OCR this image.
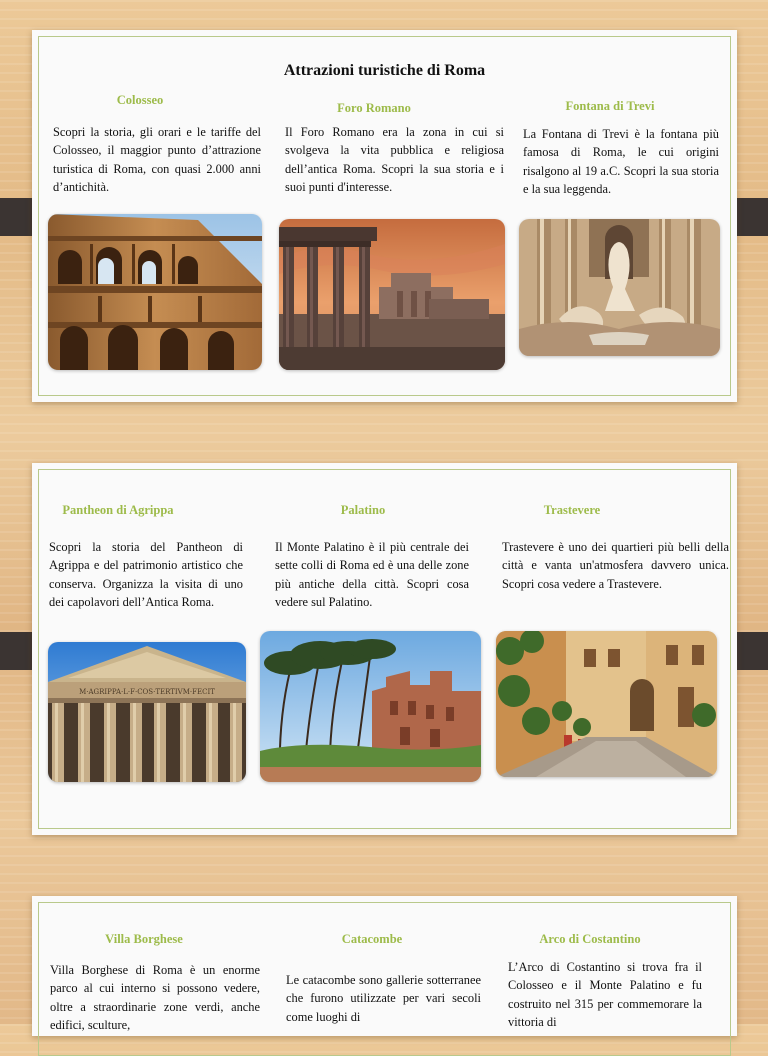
Attrazioni turistiche di Roma
Colosseo
Scopri la storia, gli orari e le tariffe del Colosseo, il maggior punto d’attrazione turistica di Roma, con quasi 2.000 anni d’antichità.
Foro Romano
Il Foro Romano era la zona in cui si svolgeva la vita pubblica e religiosa dell’antica Roma. Scopri la sua storia e i suoi punti d'interesse.
Fontana di Trevi
La Fontana di Trevi è la fontana più famosa di Roma, le cui origini risalgono al 19 a.C. Scopri la sua storia e la sua leggenda.
Pantheon di Agrippa
Scopri la storia del Pantheon di Agrippa e del patrimonio artistico che conserva. Organizza la visita di uno dei capolavori dell’Antica Roma.
M·AGRIPPA·L·F·COS·TERTIVM·FECIT
Palatino
Il Monte Palatino è il più centrale dei sette colli di Roma ed è una delle zone più antiche della città. Scopri cosa vedere sul Palatino.
Trastevere
Trastevere è uno dei quartieri più belli della città e vanta un'atmosfera davvero unica. Scopri cosa vedere a Trastevere.
Villa Borghese
Villa Borghese di Roma è un enorme parco al cui interno si possono vedere, oltre a straordinarie zone verdi, anche edifici, sculture,
Catacombe
Le catacombe sono gallerie sotterranee che furono utilizzate per vari secoli come luoghi di
Arco di Costantino
L’Arco di Costantino si trova fra il Colosseo e il Monte Palatino e fu costruito nel 315 per commemorare la vittoria di
